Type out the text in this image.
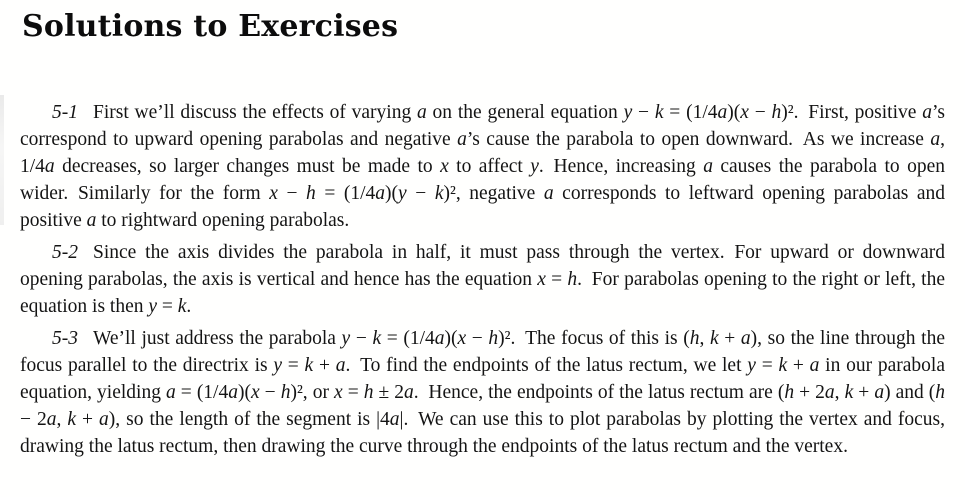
Solutions to Exercises

5-1 First we’ll discuss the effects of varying a on the general equation y − k = (1/4a)(x − h)². First, positive a’s correspond to upward opening parabolas and negative a’s cause the parabola to open downward. As we increase a, 1/4a decreases, so larger changes must be made to x to affect y. Hence, increasing a causes the parabola to open wider. Similarly for the form x − h = (1/4a)(y − k)², negative a corresponds to leftward opening parabolas and positive a to rightward opening parabolas.

5-2 Since the axis divides the parabola in half, it must pass through the vertex. For upward or downward opening parabolas, the axis is vertical and hence has the equation x = h. For parabolas opening to the right or left, the equation is then y = k.

5-3 We’ll just address the parabola y − k = (1/4a)(x − h)². The focus of this is (h, k + a), so the line through the focus parallel to the directrix is y = k + a. To find the endpoints of the latus rectum, we let y = k + a in our parabola equation, yielding a = (1/4a)(x − h)², or x = h ± 2a. Hence, the endpoints of the latus rectum are (h + 2a, k + a) and (h − 2a, k + a), so the length of the segment is |4a|. We can use this to plot parabolas by plotting the vertex and focus, drawing the latus rectum, then drawing the curve through the endpoints of the latus rectum and the vertex.
